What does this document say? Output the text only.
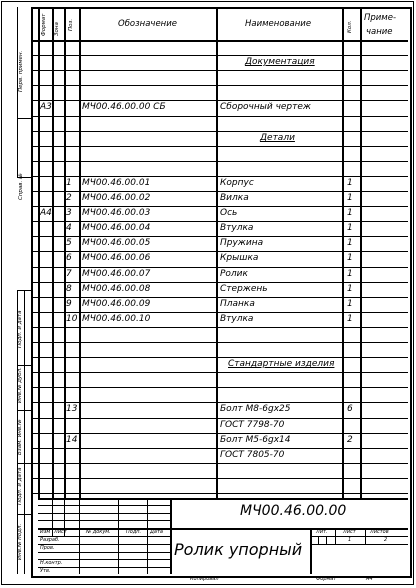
Перв. примен.
Справ. №
Подп. и дата
Инв.№ дубл.
Взам. инв.№
Подп. и дата
Инв.№ подл.
Формат Зона Поз.	Обозначение	Наименование	Кол.
Приме-
чание
Документация
А3	МЧ00.46.00.00 СБ	Сборочный чертеж
Детали
1 МЧ00.46.00.01	Корпус	1
2 МЧ00.46.00.02	Вилка	1
А4 3 МЧ00.46.00.03	Ось	1
4 МЧ00.46.00.04	Втулка	1
5 МЧ00.46.00.05	Пружина	1
6 МЧ00.46.00.06	Крышка	1
7 МЧ00.46.00.07	Ролик	1
8 МЧ00.46.00.08	Стержень	1
9 МЧ00.46.00.09	Планка	1
10 МЧ00.46.00.10	Втулка	1
Стандартные изделия
13	Болт М8-6gх25	6
ГОСТ 7798-70
14	Болт М5-6gх14	2
ГОСТ 7805-70
Изм Лист	№ докум.	Подп. Дата
Разраб.
Пров.
Н.контр.
Утв.
МЧ00.46.00.00
Ролик упорный
Лит.	Лист	Листов
1	2
Копировал	Формат	А4
